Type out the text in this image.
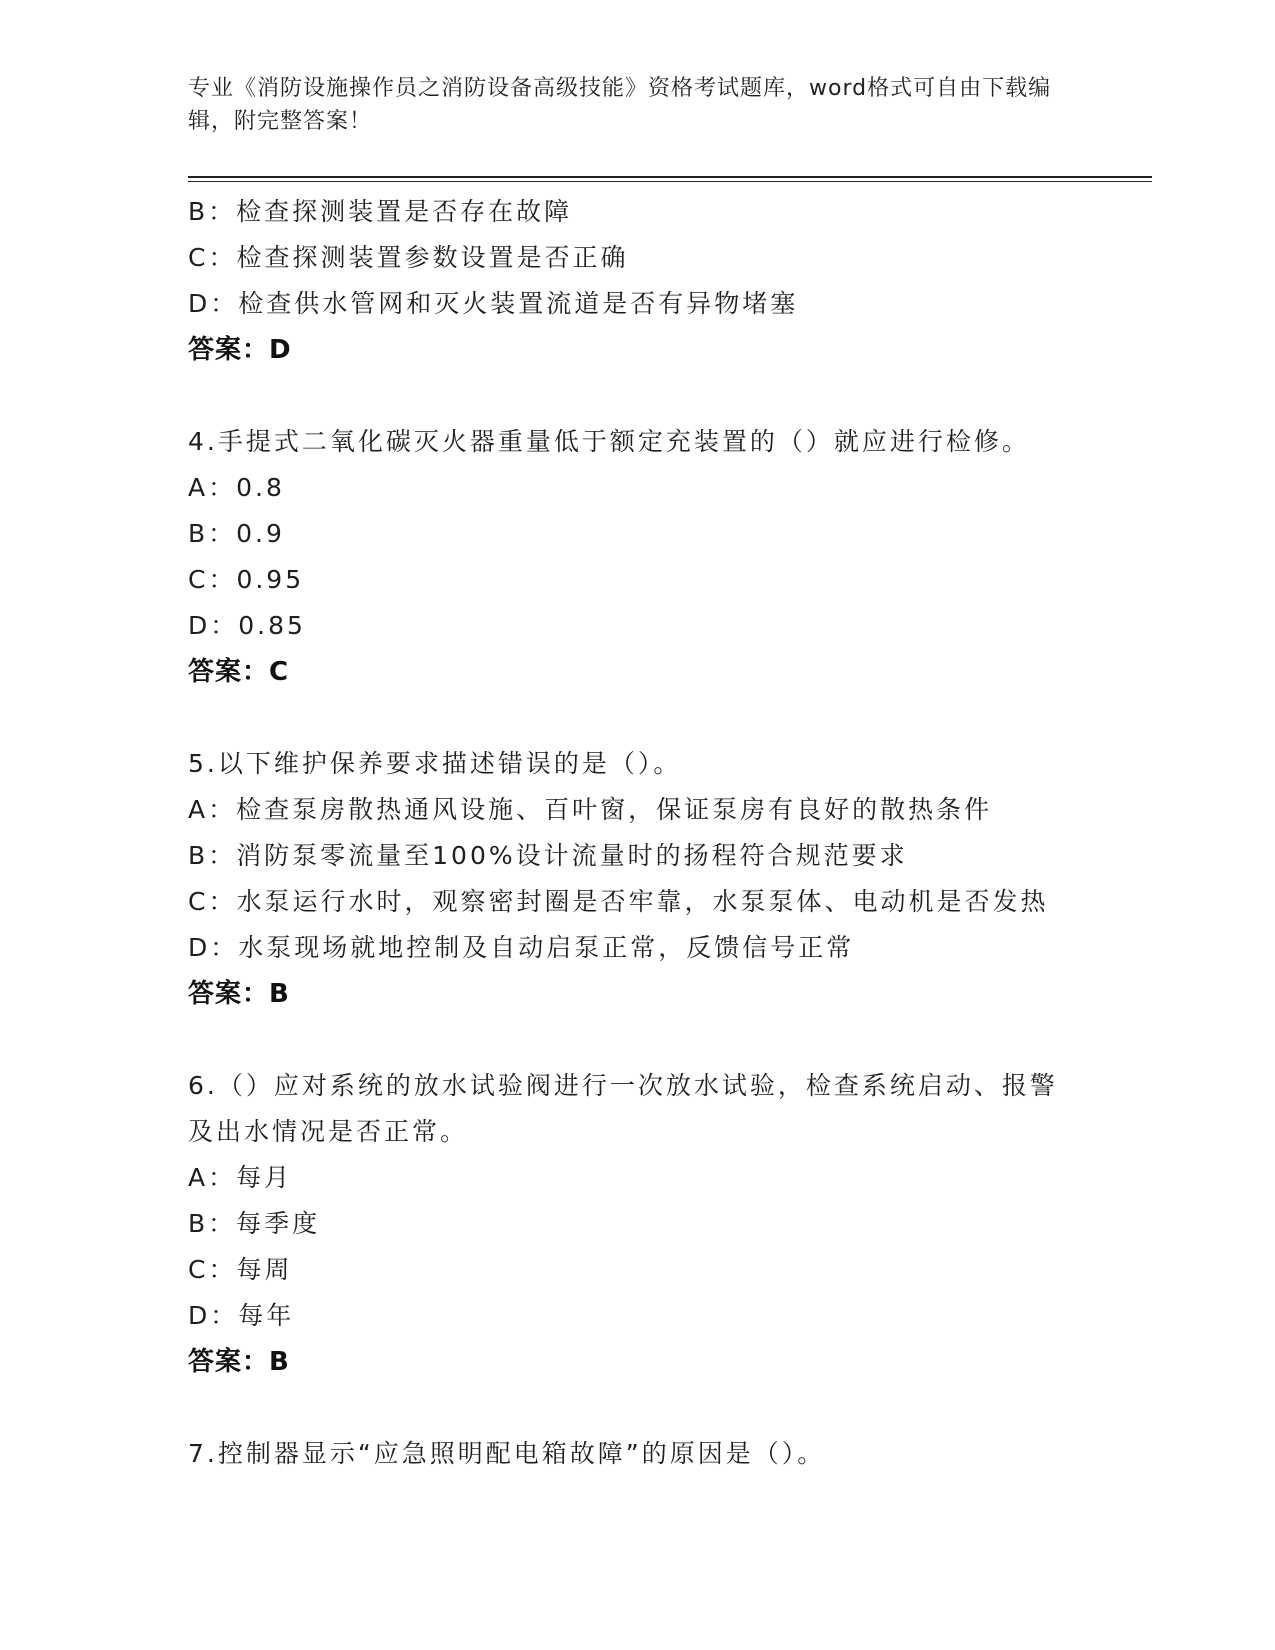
专业《消防设施操作员之消防设备高级技能》资格考试题库，word格式可自由下载编辑，附完整答案！
B：检查探测装置是否存在故障
C：检查探测装置参数设置是否正确
D：检查供水管网和灭火装置流道是否有异物堵塞
答案：D
4.手提式二氧化碳灭火器重量低于额定充装置的（）就应进行检修。
A：0.8
B：0.9
C：0.95
D：0.85
答案：C
5.以下维护保养要求描述错误的是（）。
A：检查泵房散热通风设施、百叶窗，保证泵房有良好的散热条件
B：消防泵零流量至100%设计流量时的扬程符合规范要求
C：水泵运行水时，观察密封圈是否牢靠，水泵泵体、电动机是否发热
D：水泵现场就地控制及自动启泵正常，反馈信号正常
答案：B
6.（）应对系统的放水试验阀进行一次放水试验，检查系统启动、报警及出水情况是否正常。
A：每月
B：每季度
C：每周
D：每年
答案：B
7.控制器显示“应急照明配电箱故障”的原因是（）。
